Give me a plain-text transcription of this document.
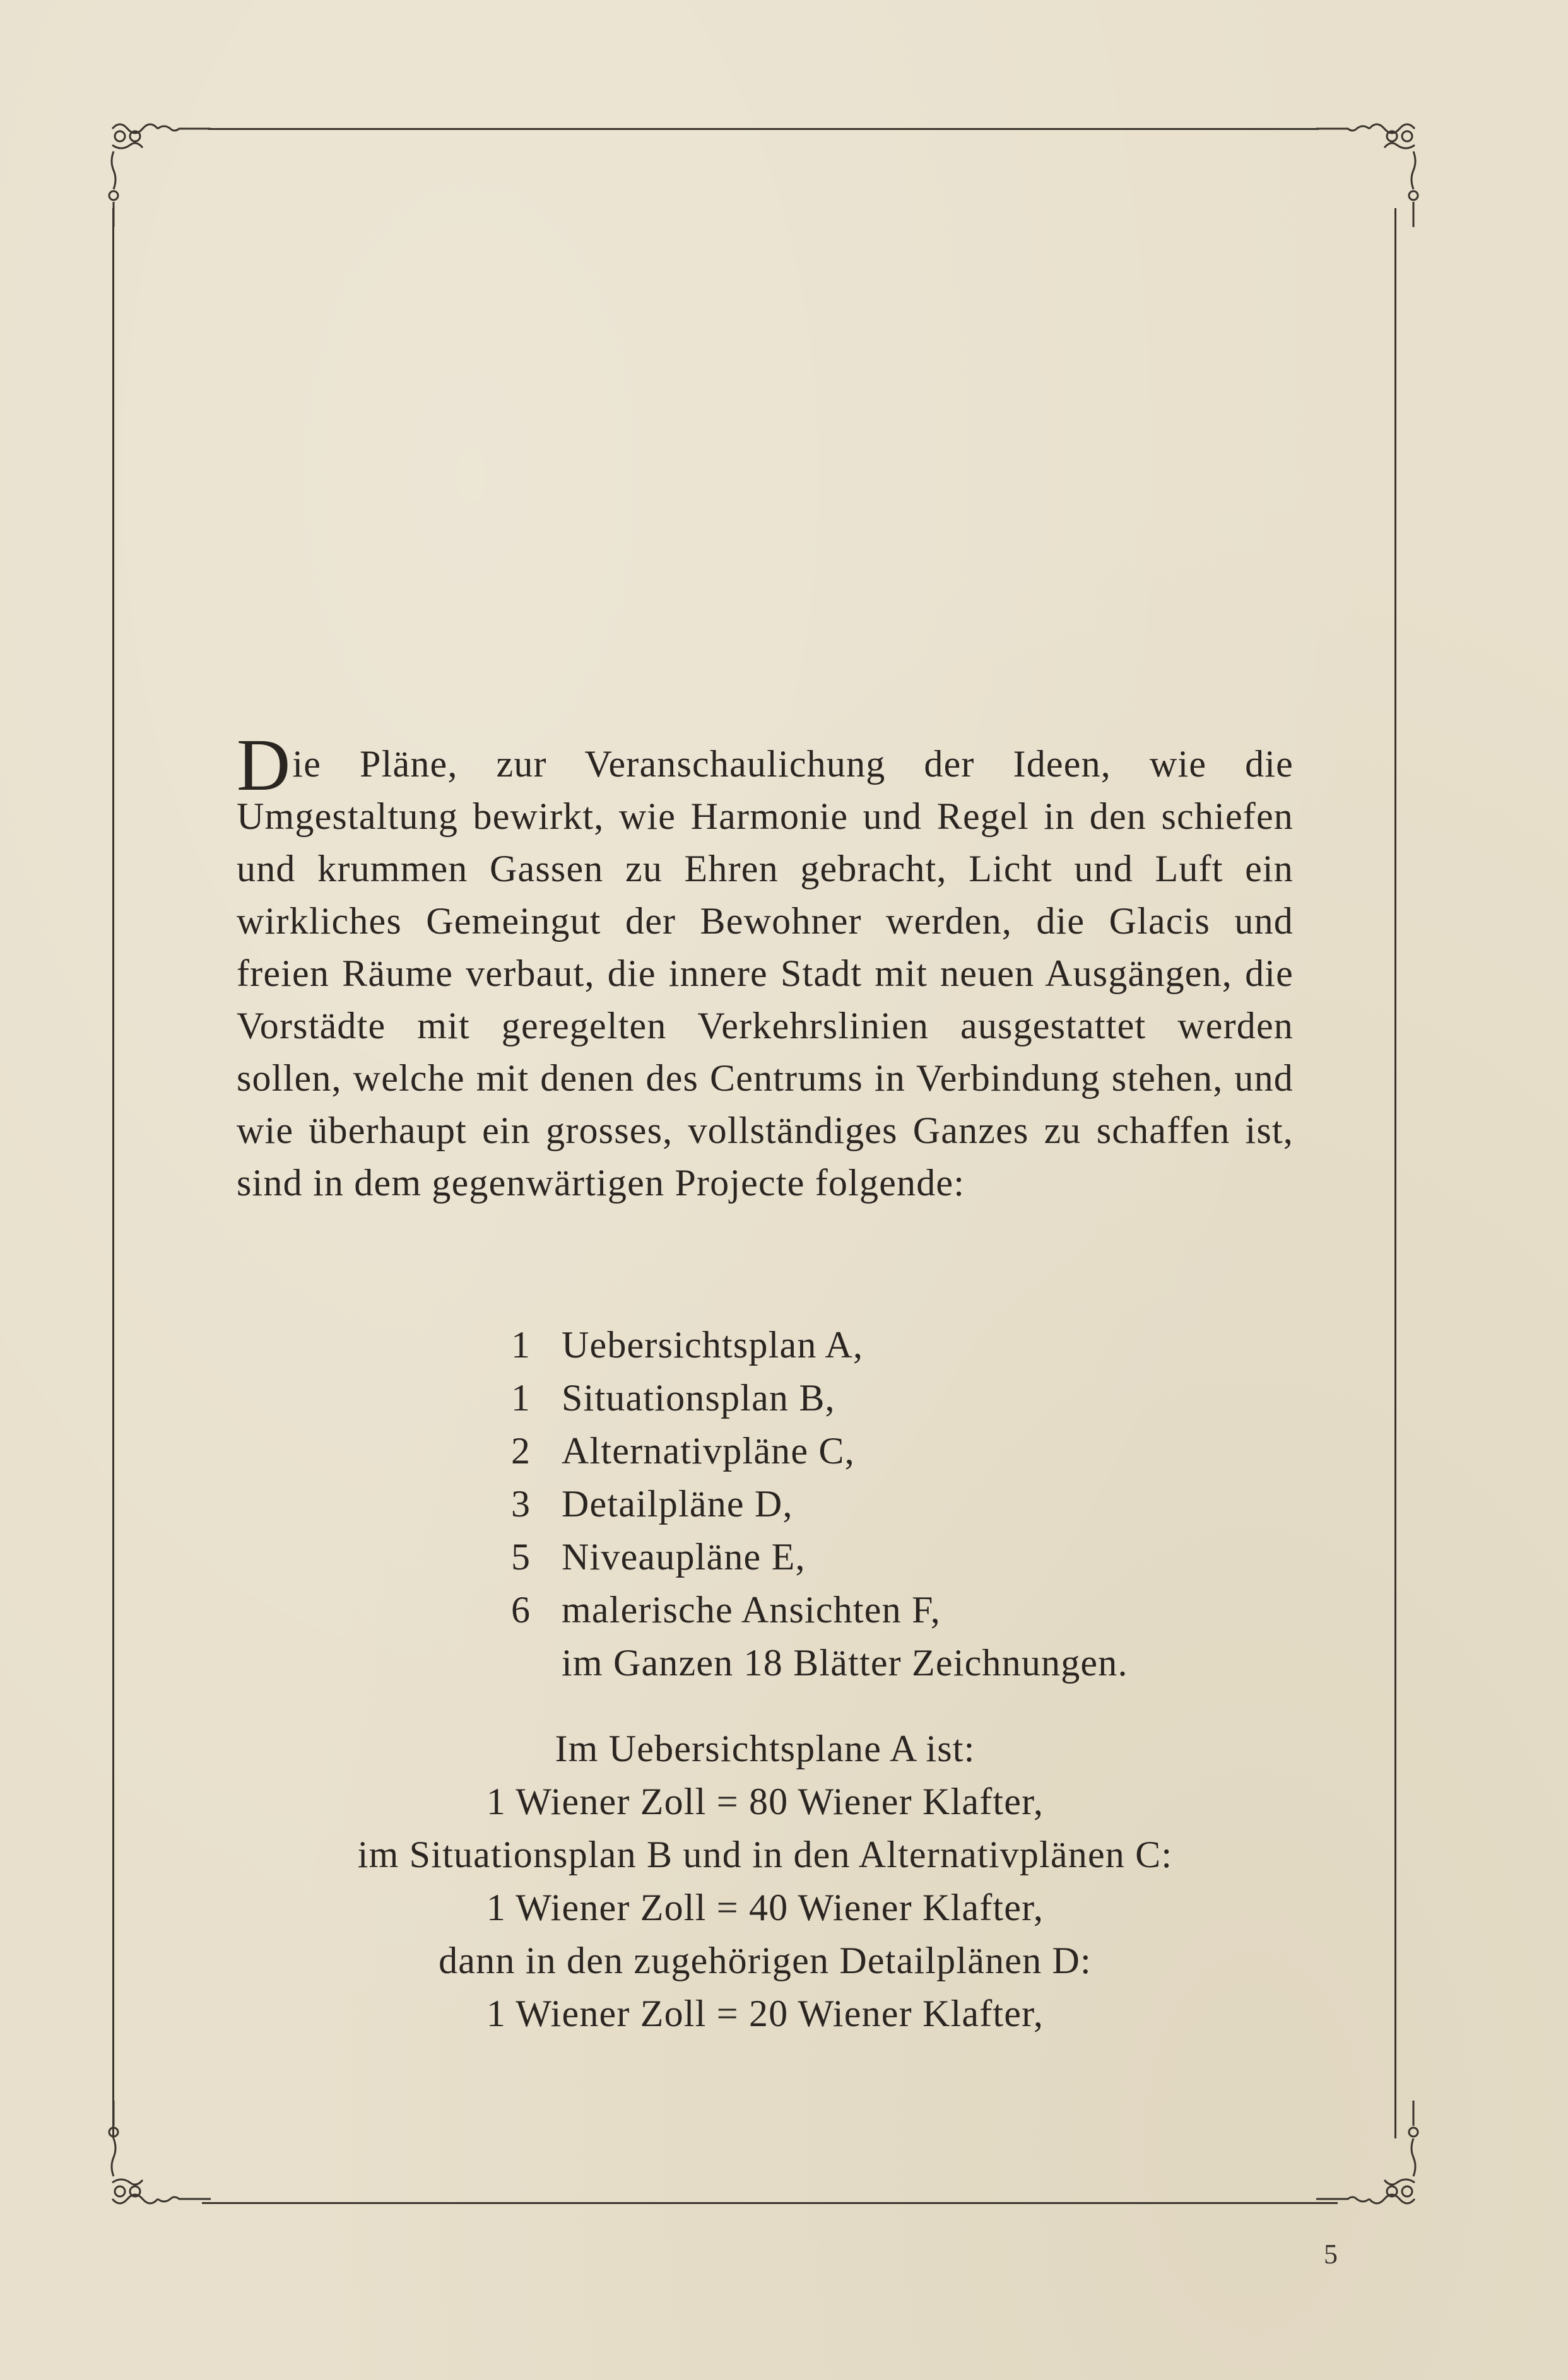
Die Pläne, zur Veranschaulichung der Ideen, wie die Umgestaltung bewirkt, wie Harmonie und Regel in den schiefen und krummen Gassen zu Ehren gebracht, Licht und Luft ein wirkliches Gemeingut der Bewohner werden, die Glacis und freien Räume verbaut, die innere Stadt mit neuen Ausgängen, die Vorstädte mit geregelten Verkehrslinien ausgestattet werden sollen, welche mit denen des Centrums in Verbindung stehen, und wie überhaupt ein grosses, vollständiges Ganzes zu schaffen ist, sind in dem gegenwärtigen Projecte folgende:

1 Uebersichtsplan A,
1 Situationsplan B,
2 Alternativpläne C,
3 Detailpläne D,
5 Niveaupläne E,
6 malerische Ansichten F,
im Ganzen 18 Blätter Zeichnungen.
Im Uebersichtsplane A ist:
1 Wiener Zoll = 80 Wiener Klafter,
im Situationsplan B und in den Alternativplänen C:
1 Wiener Zoll = 40 Wiener Klafter,
dann in den zugehörigen Detailplänen D:
1 Wiener Zoll = 20 Wiener Klafter,
5
